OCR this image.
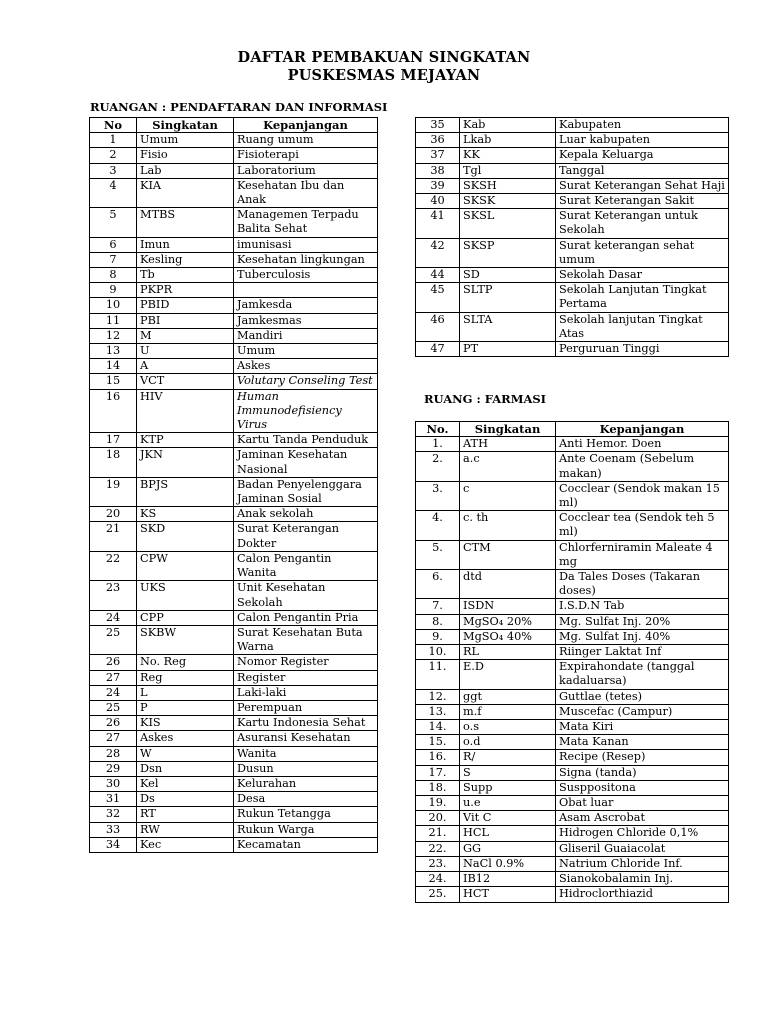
DAFTAR PEMBAKUAN SINGKATAN
PUSKESMAS MEJAYAN
RUANGAN : PENDAFTARAN DAN INFORMASI
No	Singkatan	Kepanjangan
1	Umum	Ruang umum
2	Fisio	Fisioterapi
3	Lab	Laboratorium
4	KIA	Kesehatan Ibu dan Anak
5	MTBS	Managemen Terpadu Balita Sehat
6	Imun	imunisasi
7	Kesling	Kesehatan lingkungan
8	Tb	Tuberculosis
9	PKPR	
10	PBID	Jamkesda
11	PBI	Jamkesmas
12	M	Mandiri
13	U	Umum
14	A	Askes
15	VCT	Volutary Conseling Test
16	HIV	Human Immunodefisiency Virus
17	KTP	Kartu Tanda Penduduk
18	JKN	Jaminan Kesehatan Nasional
19	BPJS	Badan Penyelenggara Jaminan Sosial
20	KS	Anak sekolah
21	SKD	Surat Keterangan Dokter
22	CPW	Calon Pengantin Wanita
23	UKS	Unit Kesehatan Sekolah
24	CPP	Calon Pengantin Pria
25	SKBW	Surat Kesehatan Buta Warna
26	No. Reg	Nomor Register
27	Reg	Register
24	L	Laki-laki
25	P	Perempuan
26	KIS	Kartu Indonesia Sehat
27	Askes	Asuransi Kesehatan
28	W	Wanita
29	Dsn	Dusun
30	Kel	Kelurahan
31	Ds	Desa
32	RT	Rukun Tetangga
33	RW	Rukun Warga
34	Kec	Kecamatan
35	Kab	Kabupaten
36	Lkab	Luar kabupaten
37	KK	Kepala Keluarga
38	Tgl	Tanggal
39	SKSH	Surat Keterangan Sehat Haji
40	SKSK	Surat Keterangan Sakit
41	SKSL	Surat Keterangan untuk Sekolah
42	SKSP	Surat keterangan sehat umum
44	SD	Sekolah Dasar
45	SLTP	Sekolah Lanjutan Tingkat Pertama
46	SLTA	Sekolah lanjutan Tingkat Atas
47	PT	Perguruan Tinggi
RUANG : FARMASI
No.	Singkatan	Kepanjangan
1.	ATH	Anti Hemor. Doen
2.	a.c	Ante Coenam (Sebelum makan)
3.	c	Cocclear (Sendok makan 15 ml)
4.	c. th	Cocclear tea (Sendok teh 5 ml)
5.	CTM	Chlorferniramin Maleate 4 mg
6.	dtd	Da Tales Doses (Takaran doses)
7.	ISDN	I.S.D.N Tab
8.	MgSO₄ 20%	Mg. Sulfat Inj. 20%
9.	MgSO₄ 40%	Mg. Sulfat Inj. 40%
10.	RL	Riinger Laktat Inf
11.	E.D	Expirahondate (tanggal kadaluarsa)
12.	ggt	Guttlae (tetes)
13.	m.f	Muscefac (Campur)
14.	o.s	Mata Kiri
15.	o.d	Mata Kanan
16.	R/	Recipe (Resep)
17.	S	Signa (tanda)
18.	Supp	Susppositona
19.	u.e	Obat luar
20.	Vit C	Asam Ascrobat
21.	HCL	Hidrogen Chloride 0,1%
22.	GG	Gliseril Guaiacolat
23.	NaCl 0.9%	Natrium Chloride Inf.
24.	IB12	Sianokobalamin Inj.
25.	HCT	Hidroclorthiazid
